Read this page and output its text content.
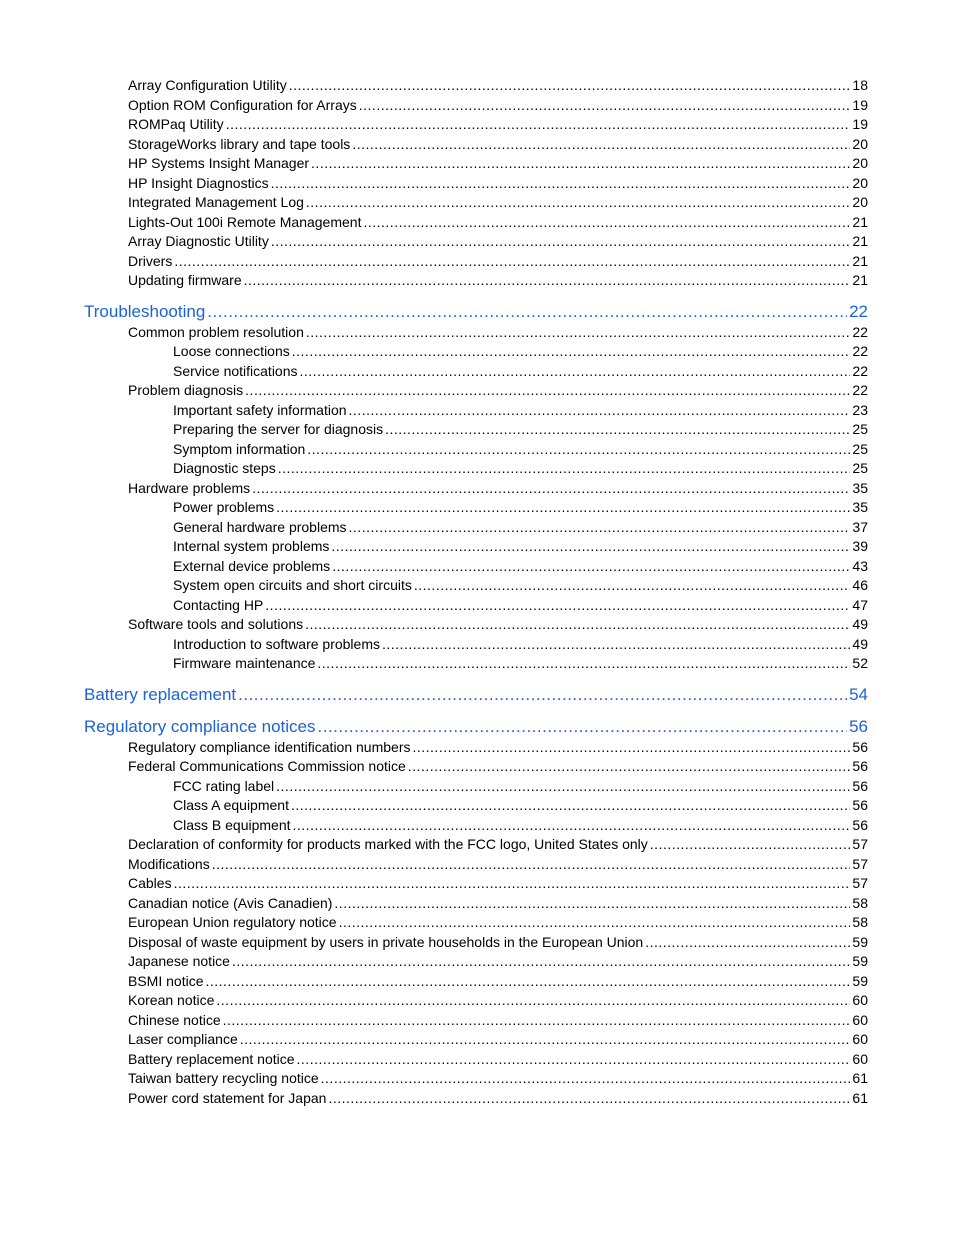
Array Configuration Utility .....	18
Option ROM Configuration for Arrays .....	19
ROMPaq Utility .....	19
StorageWorks library and tape tools .....	20
HP Systems Insight Manager .....	20
HP Insight Diagnostics .....	20
Integrated Management Log .....	20
Lights-Out 100i Remote Management .....	21
Array Diagnostic Utility .....	21
Drivers .....	21
Updating firmware .....	21
Troubleshooting .....	22
Common problem resolution .....	22
Loose connections .....	22
Service notifications .....	22
Problem diagnosis .....	22
Important safety information .....	23
Preparing the server for diagnosis .....	25
Symptom information .....	25
Diagnostic steps .....	25
Hardware problems .....	35
Power problems .....	35
General hardware problems .....	37
Internal system problems .....	39
External device problems .....	43
System open circuits and short circuits .....	46
Contacting HP .....	47
Software tools and solutions .....	49
Introduction to software problems .....	49
Firmware maintenance .....	52
Battery replacement .....	54
Regulatory compliance notices .....	56
Regulatory compliance identification numbers .....	56
Federal Communications Commission notice .....	56
FCC rating label .....	56
Class A equipment .....	56
Class B equipment .....	56
Declaration of conformity for products marked with the FCC logo, United States only .....	57
Modifications .....	57
Cables .....	57
Canadian notice (Avis Canadien) .....	58
European Union regulatory notice .....	58
Disposal of waste equipment by users in private households in the European Union .....	59
Japanese notice .....	59
BSMI notice .....	59
Korean notice .....	60
Chinese notice .....	60
Laser compliance .....	60
Battery replacement notice .....	60
Taiwan battery recycling notice .....	61
Power cord statement for Japan .....	61
